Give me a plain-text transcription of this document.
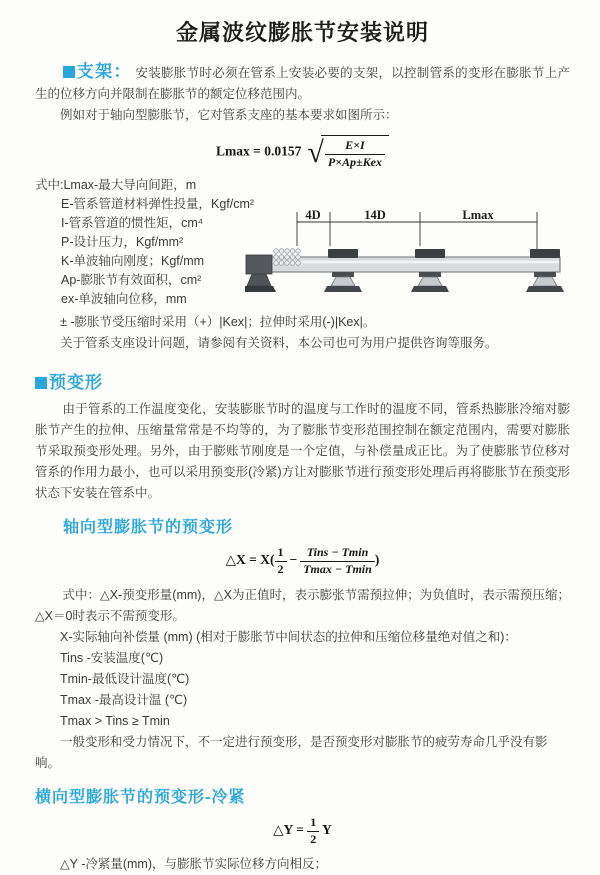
金属波纹膨胀节安装说明

支架： 安装膨胀节时必须在管系上安装必要的支架，以控制管系的变形在膨胀节上产生的位移方向并限制在膨胀节的额定位移范围内。

例如对于轴向型膨胀节，它对管系支座的基本要求如图所示：

Lmax = 0.0157 √ $\frac{E\times I}{\text{P×Ap±Kex}}$
式中:Lmax-最大导向间距，m
E-管系管道材料弹性投量，Kgf/cm²
I-管系管道的惯性矩，cm⁴
P-设计压力，Kgf/mm²
K-单波轴向刚度；Kgf/mm
Ap-膨胀节有效面积，cm²
ex-单波轴向位移，mm
4D	14D	Lmax

± -膨胀节受压缩时采用（+）|Kex|；拉伸时采用(-)|Kex|。

关于管系支座设计问题，请参阅有关资料，本公司也可为用户提供咨询等服务。

预变形

由于管系的工作温度变化，安装膨胀节时的温度与工作时的温度不同，管系热膨胀冷缩对膨胀节产生的拉伸、压缩量常常是不均等的，为了膨胀节变形范围控制在额定范围内，需要对膨胀节采取预变形处理。另外，由于膨账节刚度是一个定值，与补偿量成正比。为了使膨胀节位移对管系的作用力最小，也可以采用预变形(冷紧)方让对膨胀节进行预变形处理后再将膨胀节在预变形状态下安装在管系中。

轴向型膨胀节的预变形
△X = $X( \frac{1}{2} - \frac{\text{Tins − Tmin}}{Tmax - Tmin}$ )

式中：△X-预变形量(mm)，△X为正值时，表示膨张节需预拉伸；为负值时，表示需预压缩；△X＝0时表示不需预变形。

X-实际轴向补偿量 (mm) (相对于膨胀节中间状态的拉伸和压缩位移量绝对值之和)：

Tins -安装温度(℃)

Tmin-最低设计温度(℃)

Tmax -最高设计温 (℃)

Tmax > Tins ≥ Tmin

一般变形和受力情况下，不一定进行预变形，是否预变形对膨胀节的疲劳寿命几乎没有影响。

横向型膨胀节的预变形-冷紧
△Y = $\frac{1}{2}$ Y

△Y -冷紧量(mm)，与膨胀节实际位移方向相反；
